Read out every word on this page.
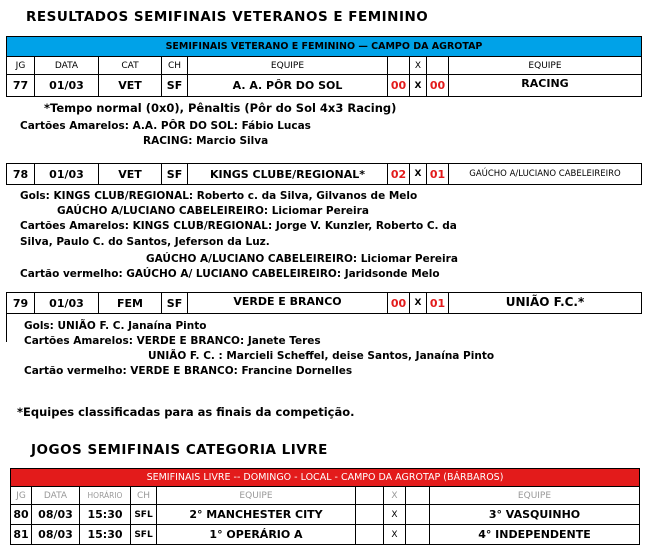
RESULTADOS SEMIFINAIS VETERANOS E FEMININO
SEMIFINAIS VETERANO E FEMININO — CAMPO DA AGROTAP
JG	DATA	CAT	CH	EQUIPE	X	EQUIPE
77	01/03	VET	SF	A. A. PÔR DO SOL	00 X 00	RACING
*Tempo normal (0x0), Pênaltis (Pôr do Sol 4x3 Racing)
Cartões Amarelos: A.A. PÔR DO SOL: Fábio Lucas
RACING: Marcio Silva
78	01/03	VET	SF	KINGS CLUBE/REGIONAL*	02 X 01	GAÚCHO A/LUCIANO CABELEIREIRO
Gols: KINGS CLUB/REGIONAL: Roberto c. da Silva, Gilvanos de Melo
GAÚCHO A/LUCIANO CABELEIREIRO: Liciomar Pereira
Cartões Amarelos: KINGS CLUB/REGIONAL: Jorge V. Kunzler, Roberto C. da
Silva, Paulo C. do Santos, Jeferson da Luz.
GAÚCHO A/LUCIANO CABELEIREIRO: Liciomar Pereira
Cartão vermelho: GAÚCHO A/ LUCIANO CABELEIREIRO: Jaridsonde Melo
79	01/03	FEM	SF	VERDE E BRANCO	00 X 01	UNIÃO F.C.*
Gols: UNIÃO F. C. Janaína Pinto
Cartões Amarelos: VERDE E BRANCO: Janete Teres
UNIÃO F. C. : Marcieli Scheffel, deise Santos, Janaína Pinto
Cartão vermelho: VERDE E BRANCO: Francine Dornelles
*Equipes classificadas para as finais da competição.
JOGOS SEMIFINAIS CATEGORIA LIVRE
SEMIFINAIS LIVRE -- DOMINGO - LOCAL - CAMPO DA AGROTAP (BÁRBAROS)
JG	DATA	HORÁRIO	CH	EQUIPE	X	EQUIPE
80 08/03	15:30	SFL	2° MANCHESTER CITY	X	3° VASQUINHO
81 08/03	15:30	SFL	1° OPERÁRIO A	X	4° INDEPENDENTE
